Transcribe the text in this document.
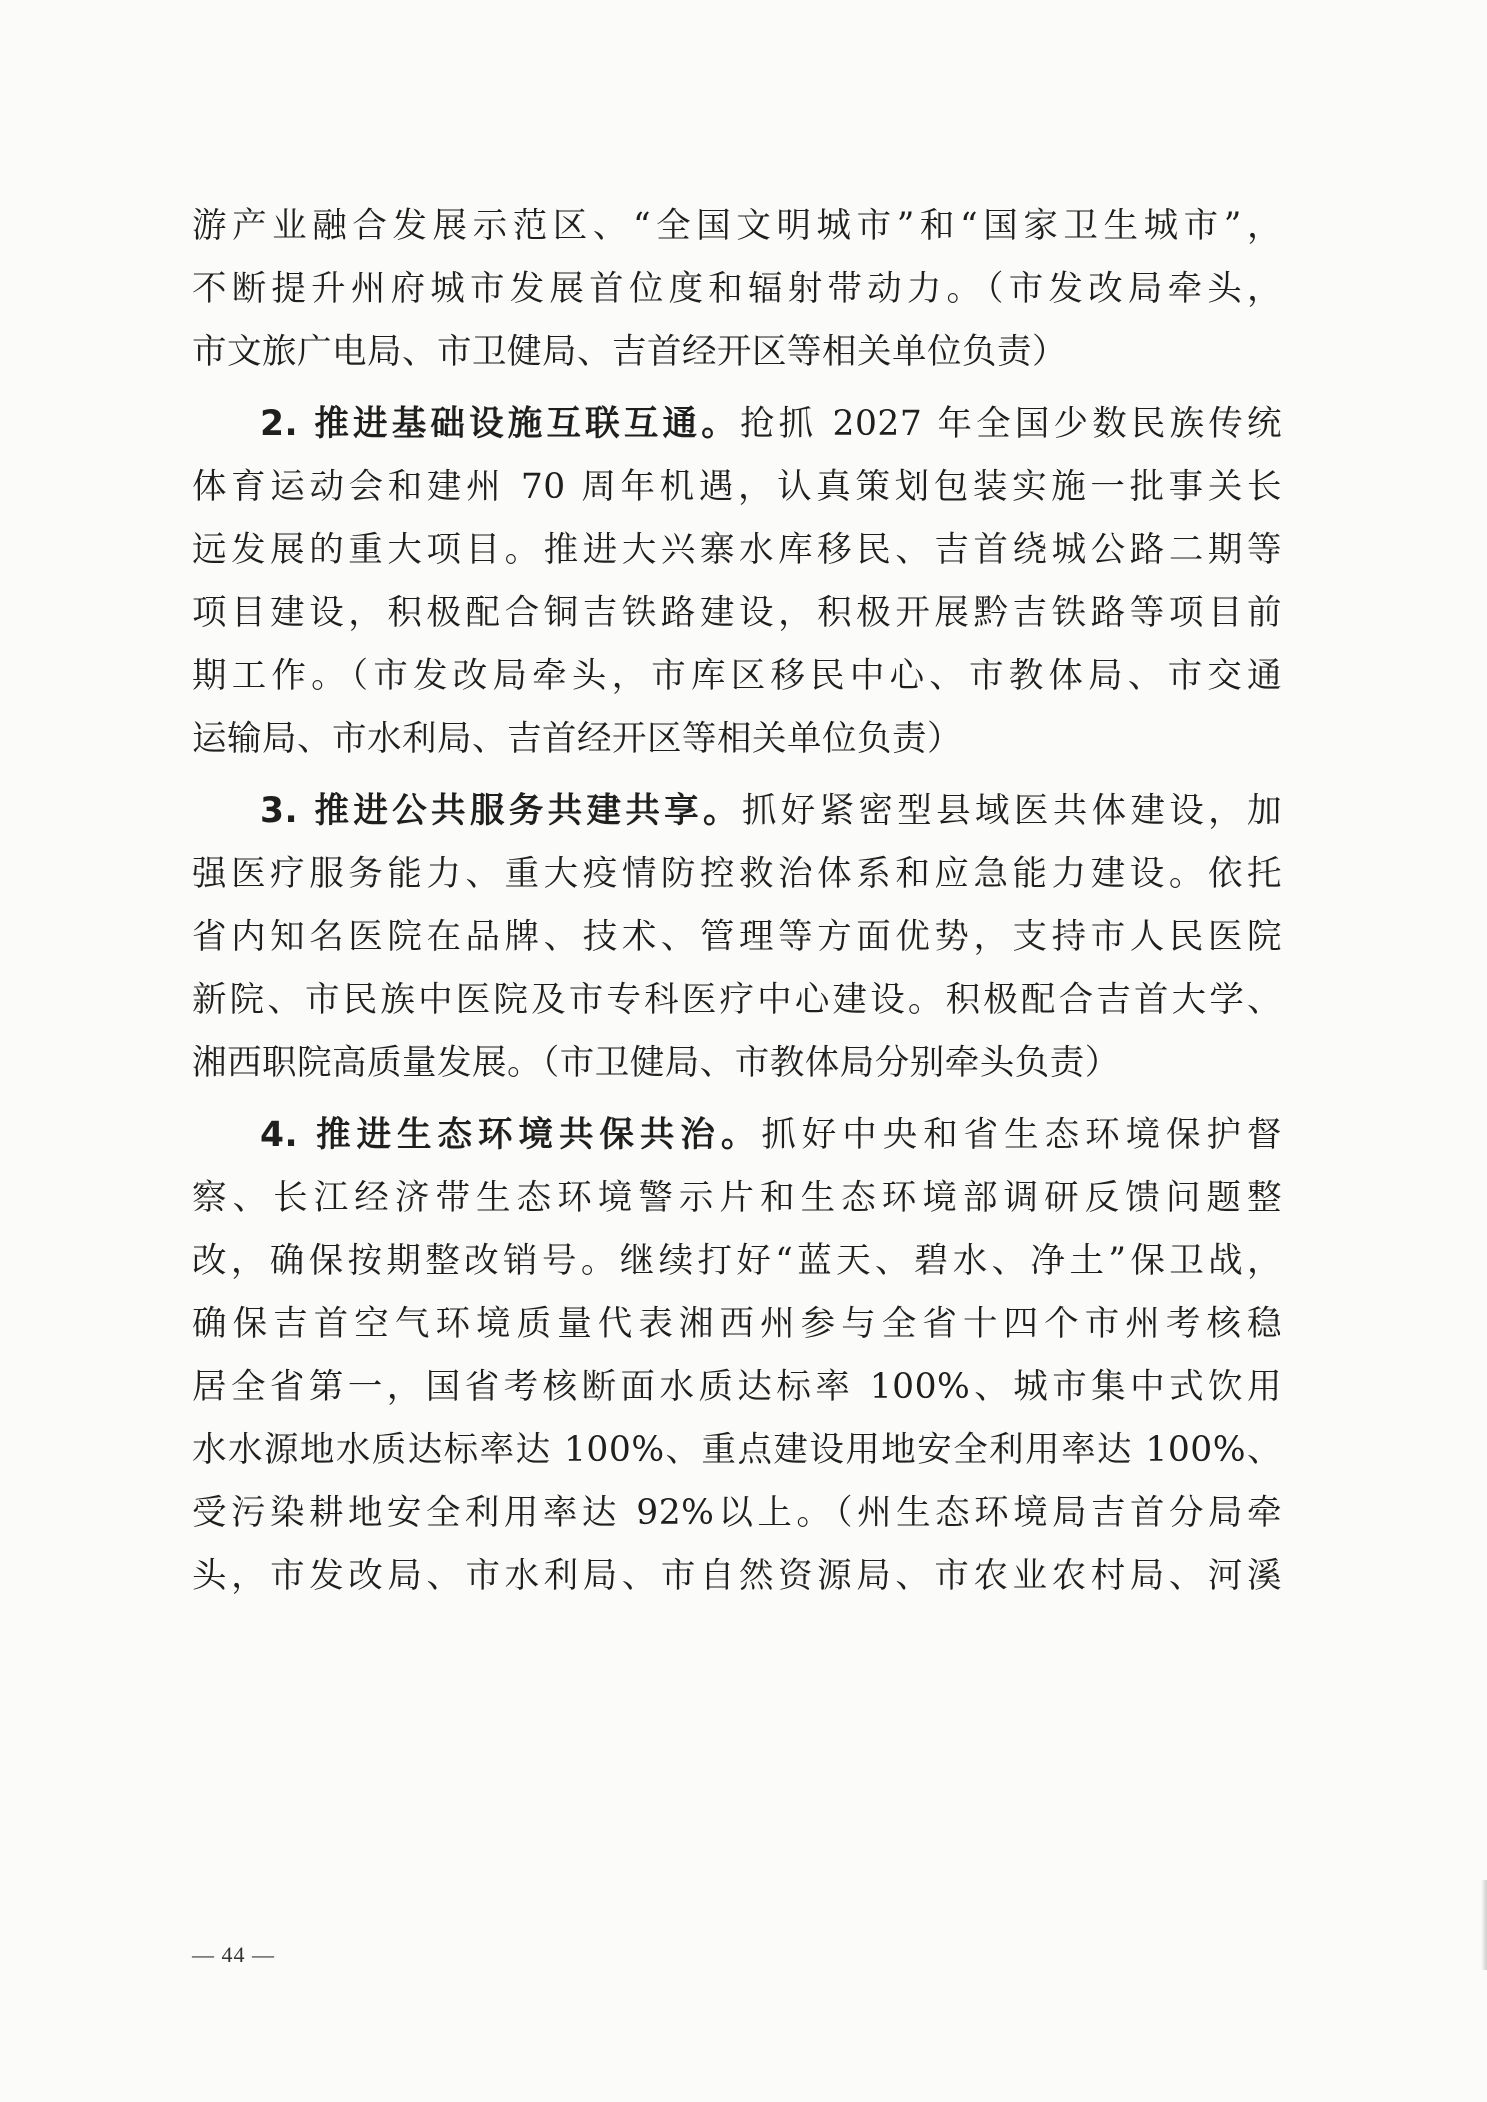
游产业融合发展示范区、“全国文明城市”和“国家卫生城市”，
不断提升州府城市发展首位度和辐射带动力。（市发改局牵头，
市文旅广电局、市卫健局、吉首经开区等相关单位负责）
2. 推进基础设施互联互通。抢抓 2027 年全国少数民族传统
体育运动会和建州 70 周年机遇，认真策划包装实施一批事关长
远发展的重大项目。推进大兴寨水库移民、吉首绕城公路二期等
项目建设，积极配合铜吉铁路建设，积极开展黔吉铁路等项目前
期工作。（市发改局牵头，市库区移民中心、市教体局、市交通
运输局、市水利局、吉首经开区等相关单位负责）
3. 推进公共服务共建共享。抓好紧密型县域医共体建设，加
强医疗服务能力、重大疫情防控救治体系和应急能力建设。依托
省内知名医院在品牌、技术、管理等方面优势，支持市人民医院
新院、市民族中医院及市专科医疗中心建设。积极配合吉首大学、
湘西职院高质量发展。（市卫健局、市教体局分别牵头负责）
4. 推进生态环境共保共治。抓好中央和省生态环境保护督
察、长江经济带生态环境警示片和生态环境部调研反馈问题整
改，确保按期整改销号。继续打好“蓝天、碧水、净土”保卫战，
确保吉首空气环境质量代表湘西州参与全省十四个市州考核稳
居全省第一，国省考核断面水质达标率 100%、城市集中式饮用
水水源地水质达标率达 100%、重点建设用地安全利用率达 100%、
受污染耕地安全利用率达 92%以上。（州生态环境局吉首分局牵
头，市发改局、市水利局、市自然资源局、市农业农村局、河溪
— 44 —
